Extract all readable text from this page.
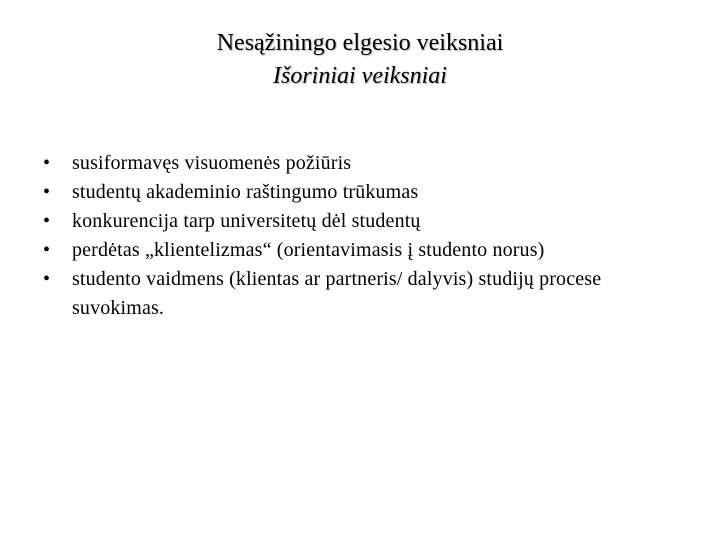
Nesąžiningo elgesio veiksniai
Išoriniai veiksniai
•	susiformavęs visuomenės požiūris
•	studentų akademinio raštingumo trūkumas
•	konkurencija tarp universitetų dėl studentų
•	perdėtas „klientelizmas“ (orientavimasis į studento norus)
•	studento vaidmens (klientas ar partneris/ dalyvis) studijų procese suvokimas.
